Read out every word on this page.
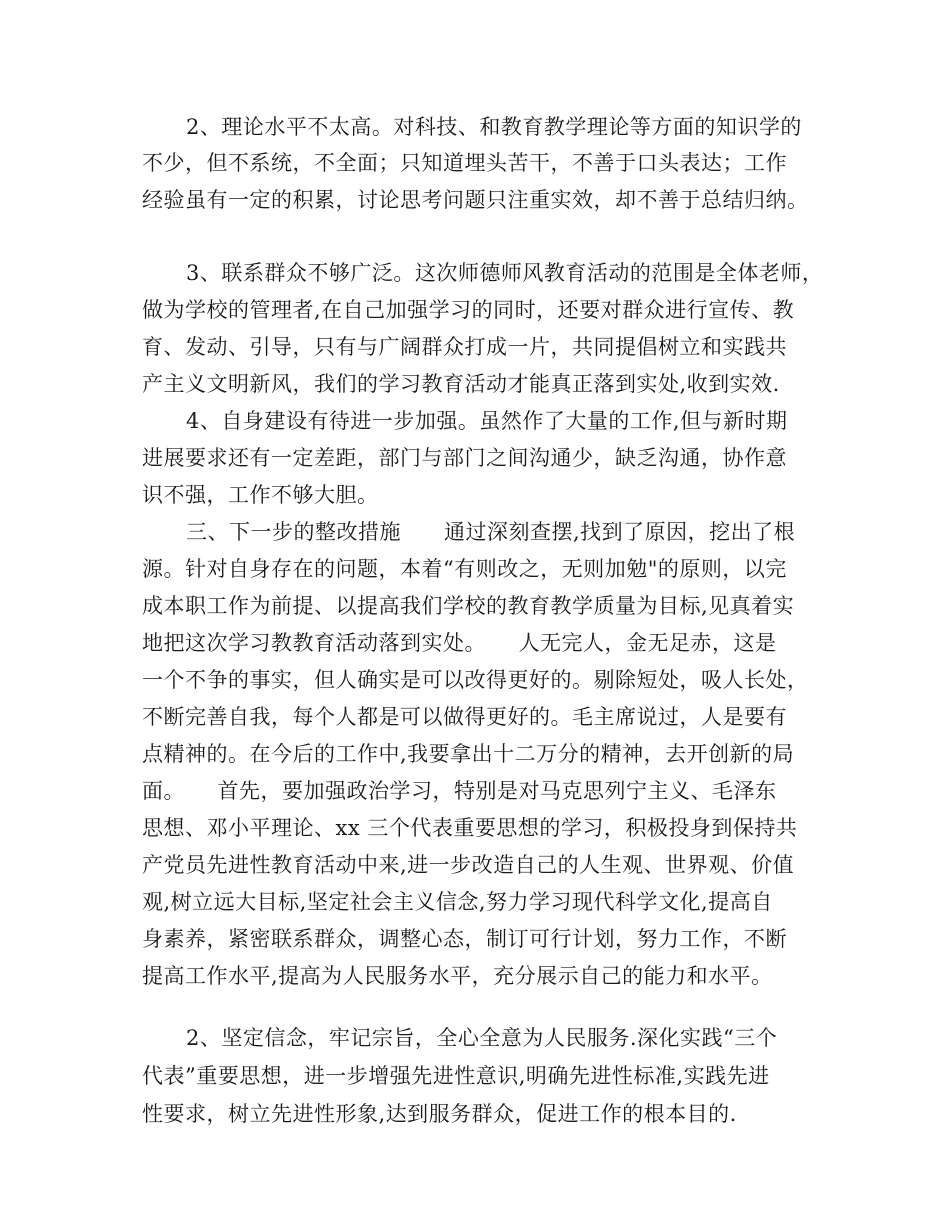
2、理论水平不太高。对科技、和教育教学理论等方面的知识学的
不少，但不系统，不全面；只知道埋头苦干，不善于口头表达；工作
经验虽有一定的积累，讨论思考问题只注重实效，却不善于总结归纳。
3、联系群众不够广泛。这次师德师风教育活动的范围是全体老师，
做为学校的管理者,在自己加强学习的同时，还要对群众进行宣传、教
育、发动、引导，只有与广阔群众打成一片，共同提倡树立和实践共
产主义文明新风，我们的学习教育活动才能真正落到实处,收到实效.
4、自身建设有待进一步加强。虽然作了大量的工作,但与新时期
进展要求还有一定差距，部门与部门之间沟通少，缺乏沟通，协作意
识不强，工作不够大胆。
三、下一步的整改措施　　通过深刻查摆,找到了原因，挖出了根
源。针对自身存在的问题，本着“有则改之，无则加勉"的原则，以完
成本职工作为前提、以提高我们学校的教育教学质量为目标,见真着实
地把这次学习教教育活动落到实处。　　人无完人，金无足赤，这是
一个不争的事实，但人确实是可以改得更好的。剔除短处，吸人长处，
不断完善自我，每个人都是可以做得更好的。毛主席说过，人是要有
点精神的。在今后的工作中,我要拿出十二万分的精神，去开创新的局
面。　　首先，要加强政治学习，特别是对马克思列宁主义、毛泽东
思想、邓小平理论、xx 三个代表重要思想的学习，积极投身到保持共
产党员先进性教育活动中来,进一步改造自己的人生观、世界观、价值
观,树立远大目标,坚定社会主义信念,努力学习现代科学文化,提高自
身素养，紧密联系群众，调整心态，制订可行计划，努力工作，不断
提高工作水平,提高为人民服务水平，充分展示自己的能力和水平。
2、坚定信念，牢记宗旨，全心全意为人民服务.深化实践“三个
代表”重要思想，进一步增强先进性意识,明确先进性标准,实践先进
性要求，树立先进性形象,达到服务群众，促进工作的根本目的.
